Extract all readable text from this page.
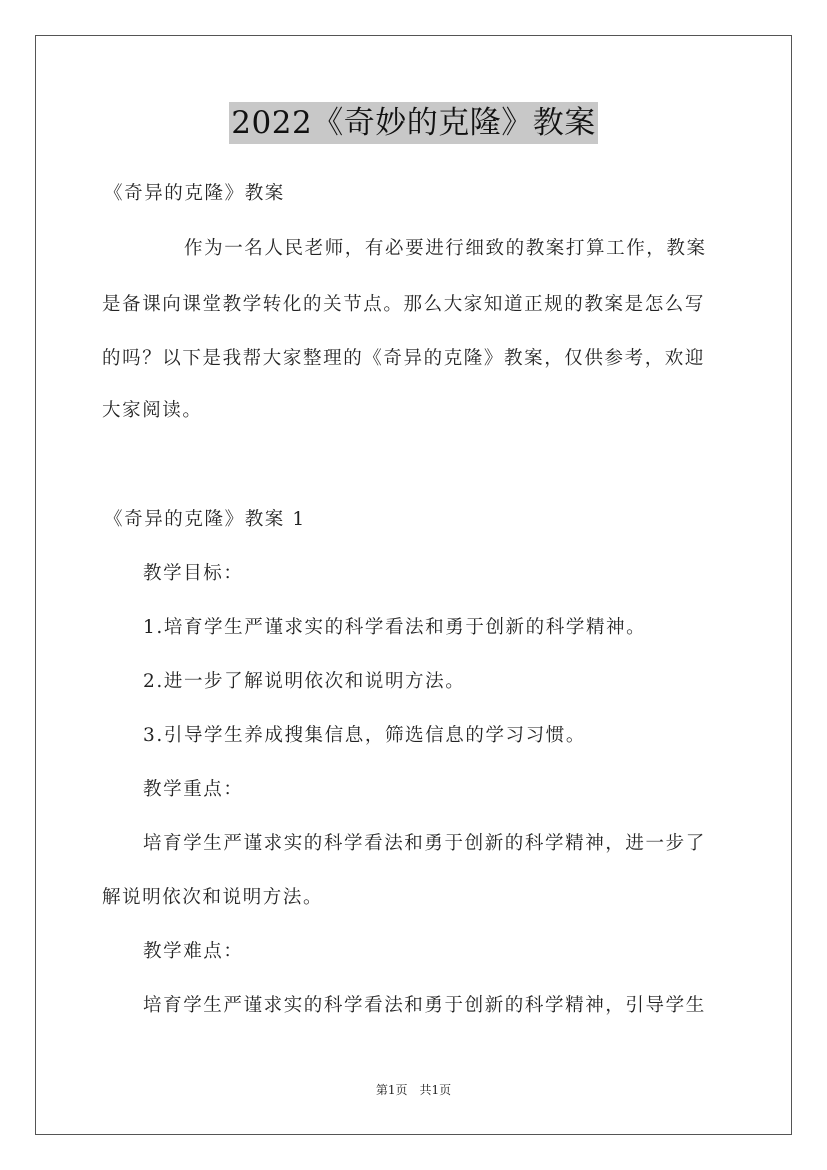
2022《奇妙的克隆》教案
《奇异的克隆》教案
作为一名人民老师，有必要进行细致的教案打算工作，教案
是备课向课堂教学转化的关节点。那么大家知道正规的教案是怎么写
的吗？以下是我帮大家整理的《奇异的克隆》教案，仅供参考，欢迎
大家阅读。
《奇异的克隆》教案 1
教学目标：
1.培育学生严谨求实的科学看法和勇于创新的科学精神。
2.进一步了解说明依次和说明方法。
3.引导学生养成搜集信息，筛选信息的学习习惯。
教学重点：
培育学生严谨求实的科学看法和勇于创新的科学精神，进一步了
解说明依次和说明方法。
教学难点：
培育学生严谨求实的科学看法和勇于创新的科学精神，引导学生
第1页　共1页
